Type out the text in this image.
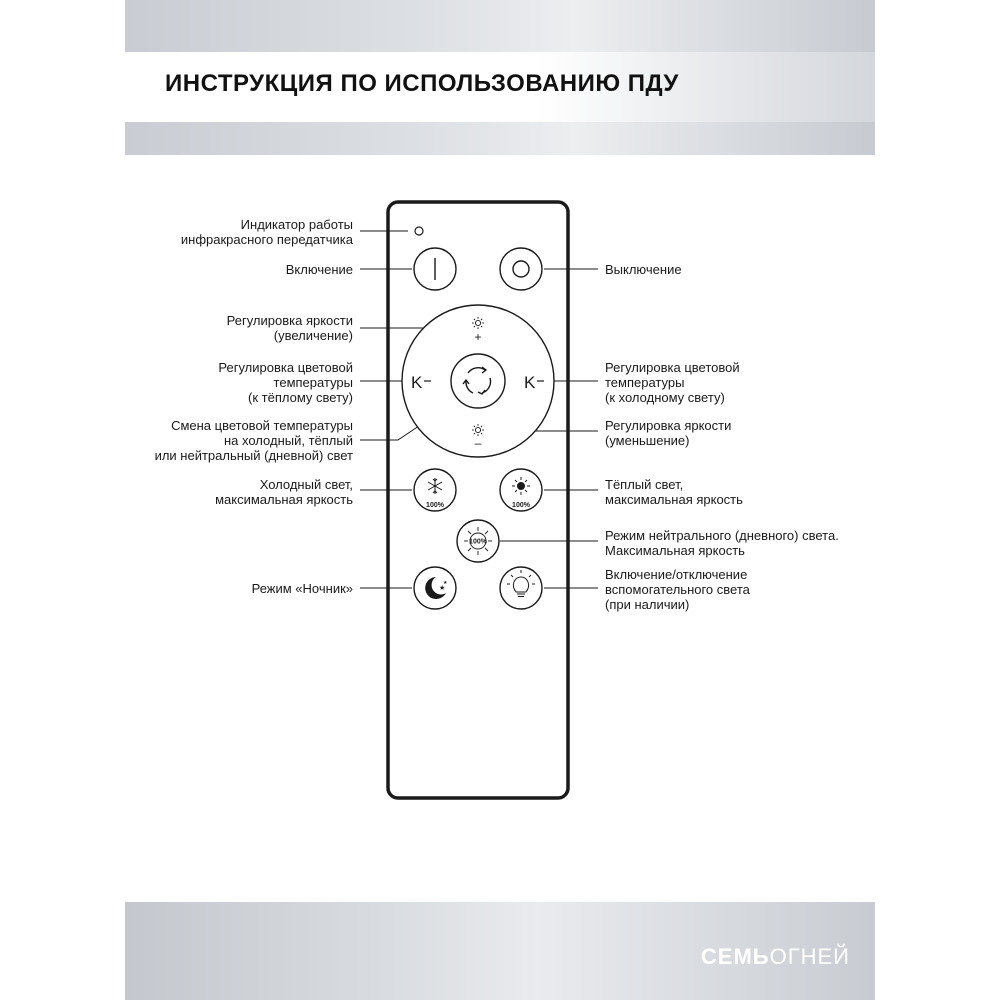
ИНСТРУКЦИЯ ПО ИСПОЛЬЗОВАНИЮ ПДУ
Индикатор работы
инфракрасного передатчика
Включение
Регулировка яркости
(увеличение)
Регулировка цветовой
температуры
(к тёплому свету)
Смена цветовой температуры
на холодный, тёплый
или нейтральный (дневной) свет
Холодный свет,
максимальная яркость
Режим «Ночник»
Выключение
Регулировка цветовой
температуры
(к холодному свету)
Регулировка яркости
(уменьшение)
Тёплый свет,
максимальная яркость
Режим нейтрального (дневного) света.
Максимальная яркость
Включение/отключение
вспомогательного света
(при наличии)
+
–
K	K
100%	100%
100%
★
★
СЕМЬОГНЕЙ
